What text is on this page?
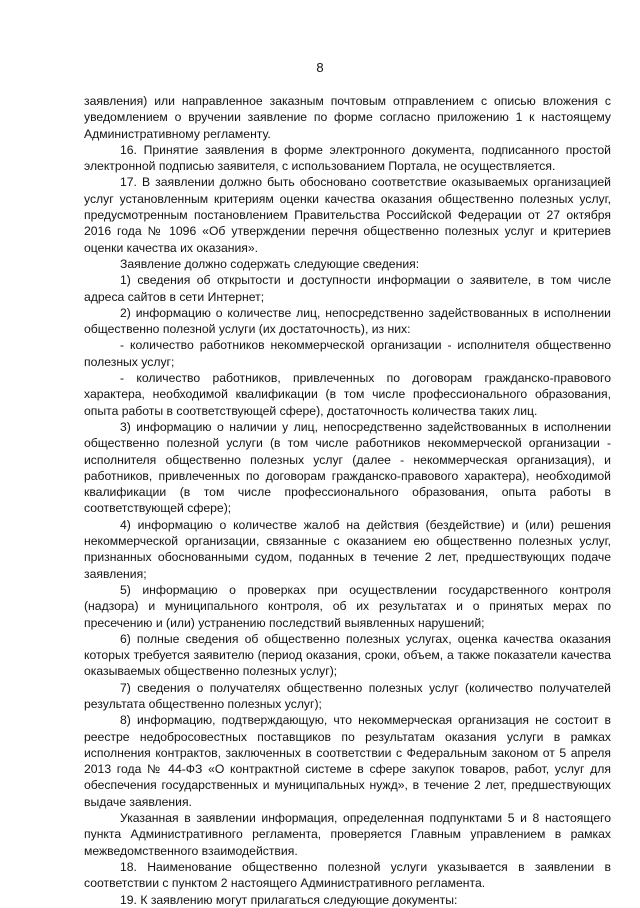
8

заявления) или направленное заказным почтовым отправлением с описью вложения с уведомлением о вручении заявление по форме согласно приложению 1 к настоящему Административному регламенту.

16. Принятие заявления в форме электронного документа, подписанного простой электронной подписью заявителя, с использованием Портала, не осуществляется.

17. В заявлении должно быть обосновано соответствие оказываемых организацией услуг установленным критериям оценки качества оказания общественно полезных услуг, предусмотренным постановлением Правительства Российской Федерации от 27 октября 2016 года № 1096 «Об утверждении перечня общественно полезных услуг и критериев оценки качества их оказания».

Заявление должно содержать следующие сведения:

1) сведения об открытости и доступности информации о заявителе, в том числе адреса сайтов в сети Интернет;

2) информацию о количестве лиц, непосредственно задействованных в исполнении общественно полезной услуги (их достаточность), из них:

- количество работников некоммерческой организации - исполнителя общественно полезных услуг;

- количество работников, привлеченных по договорам гражданско-правового характера, необходимой квалификации (в том числе профессионального образования, опыта работы в соответствующей сфере), достаточность количества таких лиц.

3) информацию о наличии у лиц, непосредственно задействованных в исполнении общественно полезной услуги (в том числе работников некоммерческой организации - исполнителя общественно полезных услуг (далее - некоммерческая организация), и работников, привлеченных по договорам гражданско-правового характера), необходимой квалификации (в том числе профессионального образования, опыта работы в соответствующей сфере);

4) информацию о количестве жалоб на действия (бездействие) и (или) решения некоммерческой организации, связанные с оказанием ею общественно полезных услуг, признанных обоснованными судом, поданных в течение 2 лет, предшествующих подаче заявления;

5) информацию о проверках при осуществлении государственного контроля (надзора) и муниципального контроля, об их результатах и о принятых мерах по пресечению и (или) устранению последствий выявленных нарушений;

6) полные сведения об общественно полезных услугах, оценка качества оказания которых требуется заявителю (период оказания, сроки, объем, а также показатели качества оказываемых общественно полезных услуг);

7) сведения о получателях общественно полезных услуг (количество получателей результата общественно полезных услуг);

8) информацию, подтверждающую, что некоммерческая организация не состоит в реестре недобросовестных поставщиков по результатам оказания услуги в рамках исполнения контрактов, заключенных в соответствии с Федеральным законом от 5 апреля 2013 года № 44-ФЗ «О контрактной системе в сфере закупок товаров, работ, услуг для обеспечения государственных и муниципальных нужд», в течение 2 лет, предшествующих выдаче заявления.

Указанная в заявлении информация, определенная подпунктами 5 и 8 настоящего пункта Административного регламента, проверяется Главным управлением в рамках межведомственного взаимодействия.

18. Наименование общественно полезной услуги указывается в заявлении в соответствии с пунктом 2 настоящего Административного регламента.

19. К заявлению могут прилагаться следующие документы:
